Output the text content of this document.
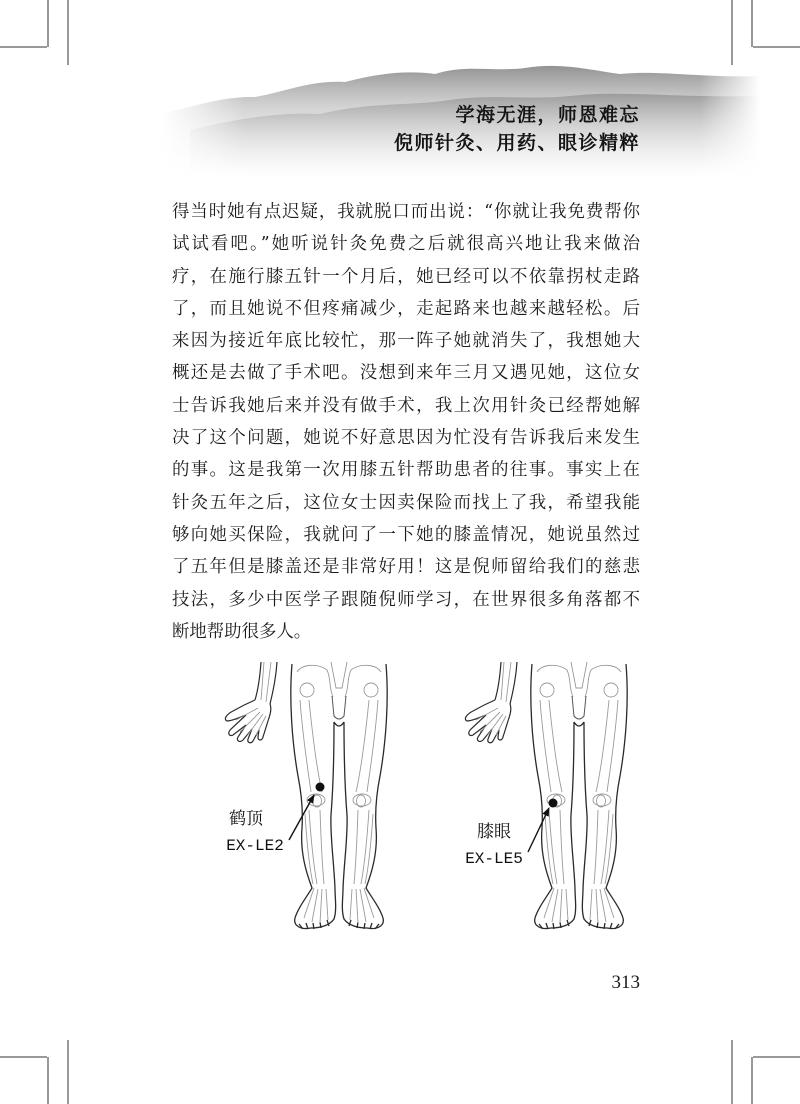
学海无涯，师恩难忘
倪师针灸、用药、眼诊精粹
得当时她有点迟疑，我就脱口而出说：“你就让我免费帮你
试试看吧。”她听说针灸免费之后就很高兴地让我来做治
疗，在施行膝五针一个月后，她已经可以不依靠拐杖走路
了，而且她说不但疼痛减少，走起路来也越来越轻松。后
来因为接近年底比较忙，那一阵子她就消失了，我想她大
概还是去做了手术吧。没想到来年三月又遇见她，这位女
士告诉我她后来并没有做手术，我上次用针灸已经帮她解
决了这个问题，她说不好意思因为忙没有告诉我后来发生
的事。这是我第一次用膝五针帮助患者的往事。事实上在
针灸五年之后，这位女士因卖保险而找上了我，希望我能
够向她买保险，我就问了一下她的膝盖情况，她说虽然过
了五年但是膝盖还是非常好用！这是倪师留给我们的慈悲
技法，多少中医学子跟随倪师学习，在世界很多角落都不
断地帮助很多人。
鹤顶
EX-LE2
膝眼
EX-LE5
313
